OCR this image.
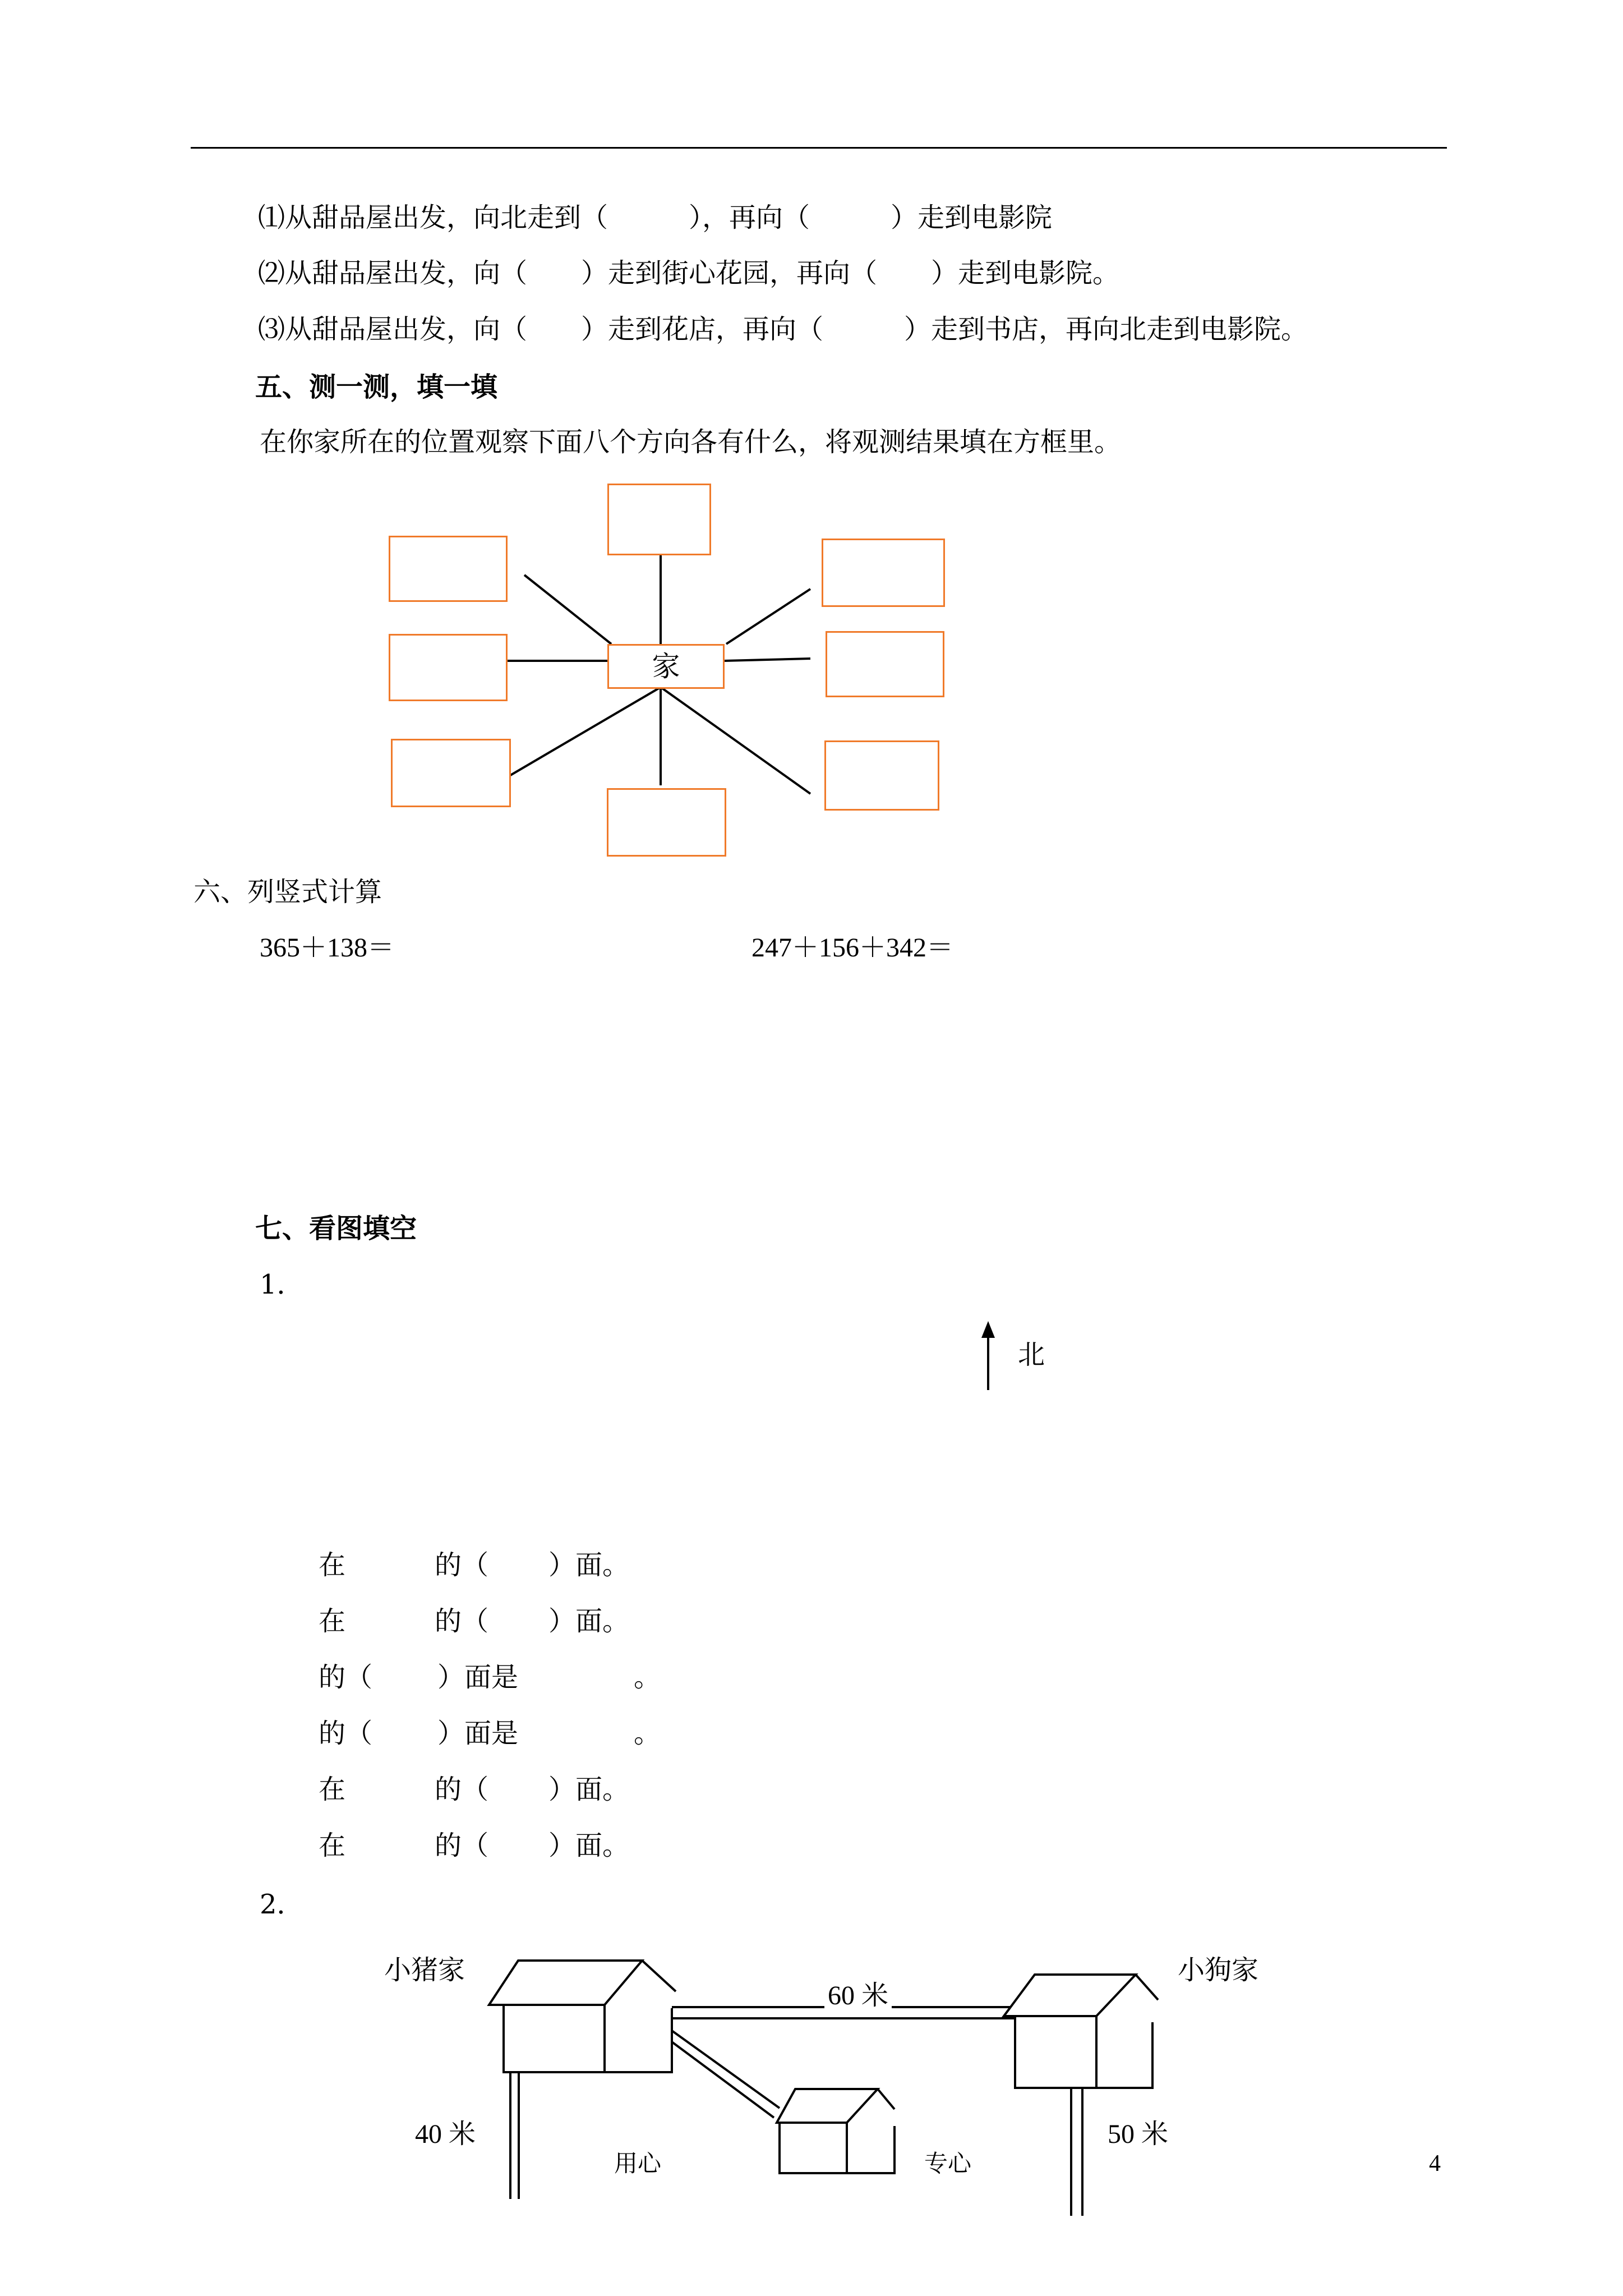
⑴从甜品屋出发，向北走到（　　　），再向（　　　）走到电影院
⑵从甜品屋出发，向（　　）走到街心花园，再向（　　）走到电影院。
⑶从甜品屋出发，向（　　）走到花店，再向（　　　）走到书店，再向北走到电影院。
五、测一测，填一填
在你家所在的位置观察下面八个方向各有什么，将观测结果填在方框里。
家
六、列竖式计算
365＋138＝	247＋156＋342＝
七、看图填空
1．
北
在	的（ ）面。
在	的（ ）面。
的（ ）面是	。
的（ ）面是	。
在	的（ ）面。
在	的（ ）面。
2．
小猪家	小狗家
60 米
40 米	50 米
用心	专心	4
